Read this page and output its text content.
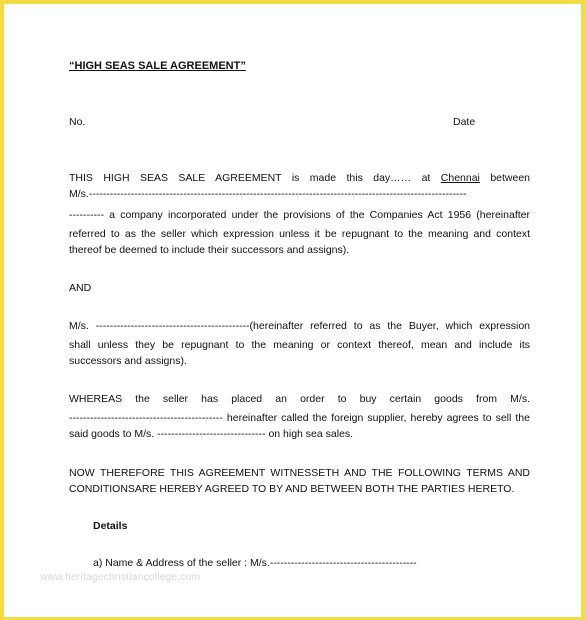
“HIGH SEAS SALE AGREEMENT”
No.	Date
THIS HIGH SEAS SALE AGREEMENT is made this day…… at Chennai between
M/s.------------------------------------------------------------------------------------------------------------
---------- a company incorporated under the provisions of the Companies Act 1956 (hereinafter
referred to as the seller which expression unless it be repugnant to the meaning and context
thereof be deemed to include their successors and assigns).
AND
M/s. --------------------------------------------(hereinafter referred to as the Buyer, which expression
shall unless they be repugnant to the meaning or context thereof, mean and include its
successors and assigns).
WHEREAS the seller has placed an order to buy certain goods from M/s.
-------------------------------------------- hereinafter called the foreign supplier, hereby agrees to sell the
said goods to M/s. ------------------------------- on high sea sales.
NOW THEREFORE THIS AGREEMENT WITNESSETH AND THE FOLLOWING TERMS AND
CONDITIONSARE HEREBY AGREED TO BY AND BETWEEN BOTH THE PARTIES HERETO.
Details
a) Name & Address of the seller : M/s.------------------------------------------
www.heritagechristiancollege.com
